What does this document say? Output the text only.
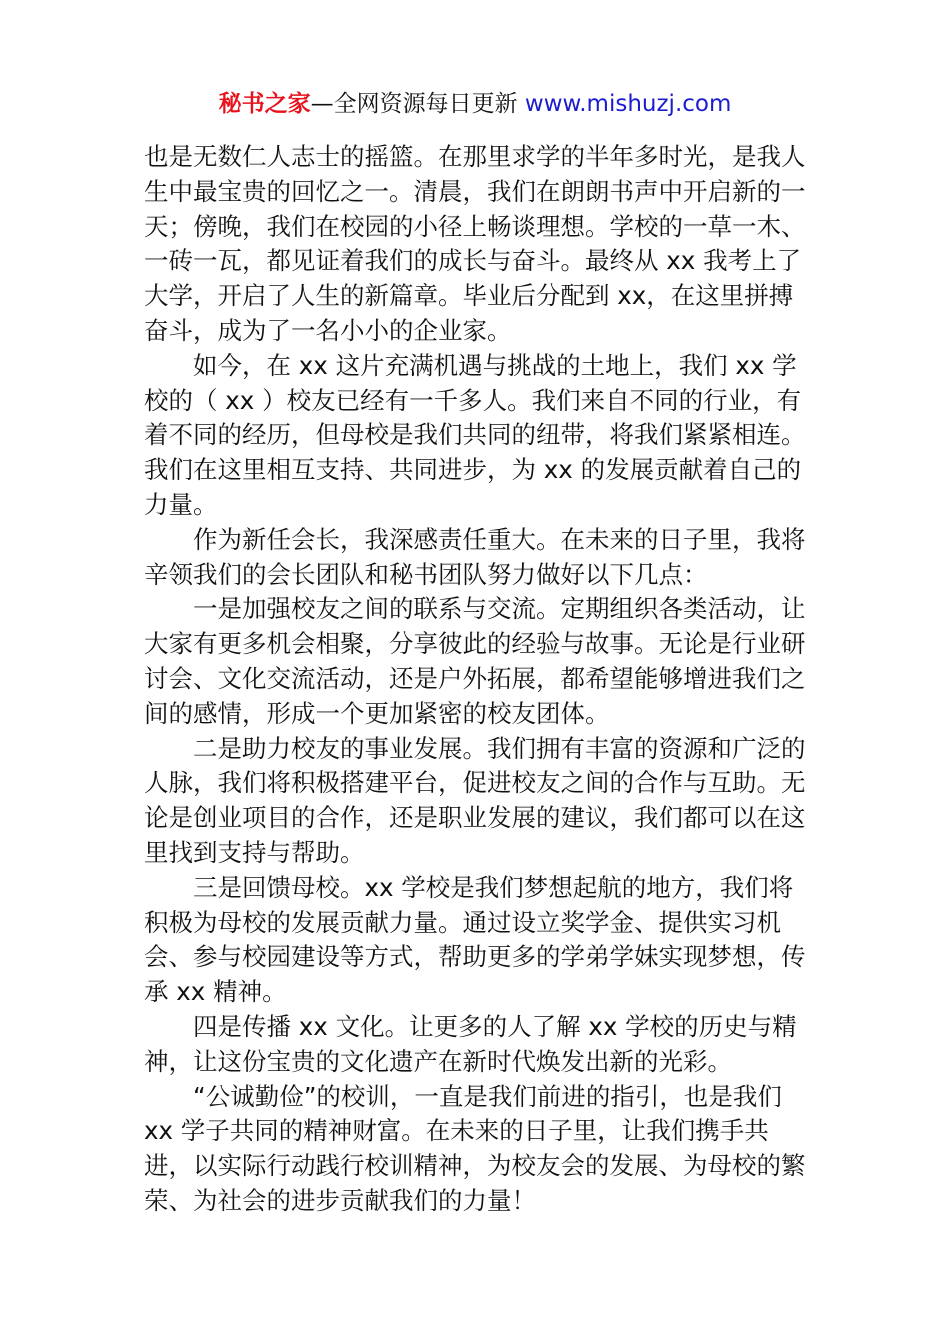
秘书之家—全网资源每日更新 www.mishuzj.com

也是无数仁人志士的摇篮。在那里求学的半年多时光，是我人生中最宝贵的回忆之一。清晨，我们在朗朗书声中开启新的一天；傍晚，我们在校园的小径上畅谈理想。学校的一草一木、一砖一瓦，都见证着我们的成长与奋斗。最终从 xx 我考上了大学，开启了人生的新篇章。毕业后分配到 xx，在这里拼搏奋斗，成为了一名小小的企业家。

如今，在 xx 这片充满机遇与挑战的土地上，我们 xx 学校的（ xx ）校友已经有一千多人。我们来自不同的行业，有着不同的经历，但母校是我们共同的纽带，将我们紧紧相连。我们在这里相互支持、共同进步，为 xx 的发展贡献着自己的力量。

作为新任会长，我深感责任重大。在未来的日子里，我将辛领我们的会长团队和秘书团队努力做好以下几点：

一是加强校友之间的联系与交流。定期组织各类活动，让大家有更多机会相聚，分享彼此的经验与故事。无论是行业研讨会、文化交流活动，还是户外拓展，都希望能够增进我们之间的感情，形成一个更加紧密的校友团体。

二是助力校友的事业发展。我们拥有丰富的资源和广泛的人脉，我们将积极搭建平台，促进校友之间的合作与互助。无论是创业项目的合作，还是职业发展的建议，我们都可以在这里找到支持与帮助。

三是回馈母校。xx 学校是我们梦想起航的地方，我们将积极为母校的发展贡献力量。通过设立奖学金、提供实习机会、参与校园建设等方式，帮助更多的学弟学妹实现梦想，传承 xx 精神。

四是传播 xx 文化。让更多的人了解 xx 学校的历史与精神，让这份宝贵的文化遗产在新时代焕发出新的光彩。

“公诚勤俭”的校训，一直是我们前进的指引，也是我们 xx 学子共同的精神财富。在未来的日子里，让我们携手共进，以实际行动践行校训精神，为校友会的发展、为母校的繁荣、为社会的进步贡献我们的力量！
